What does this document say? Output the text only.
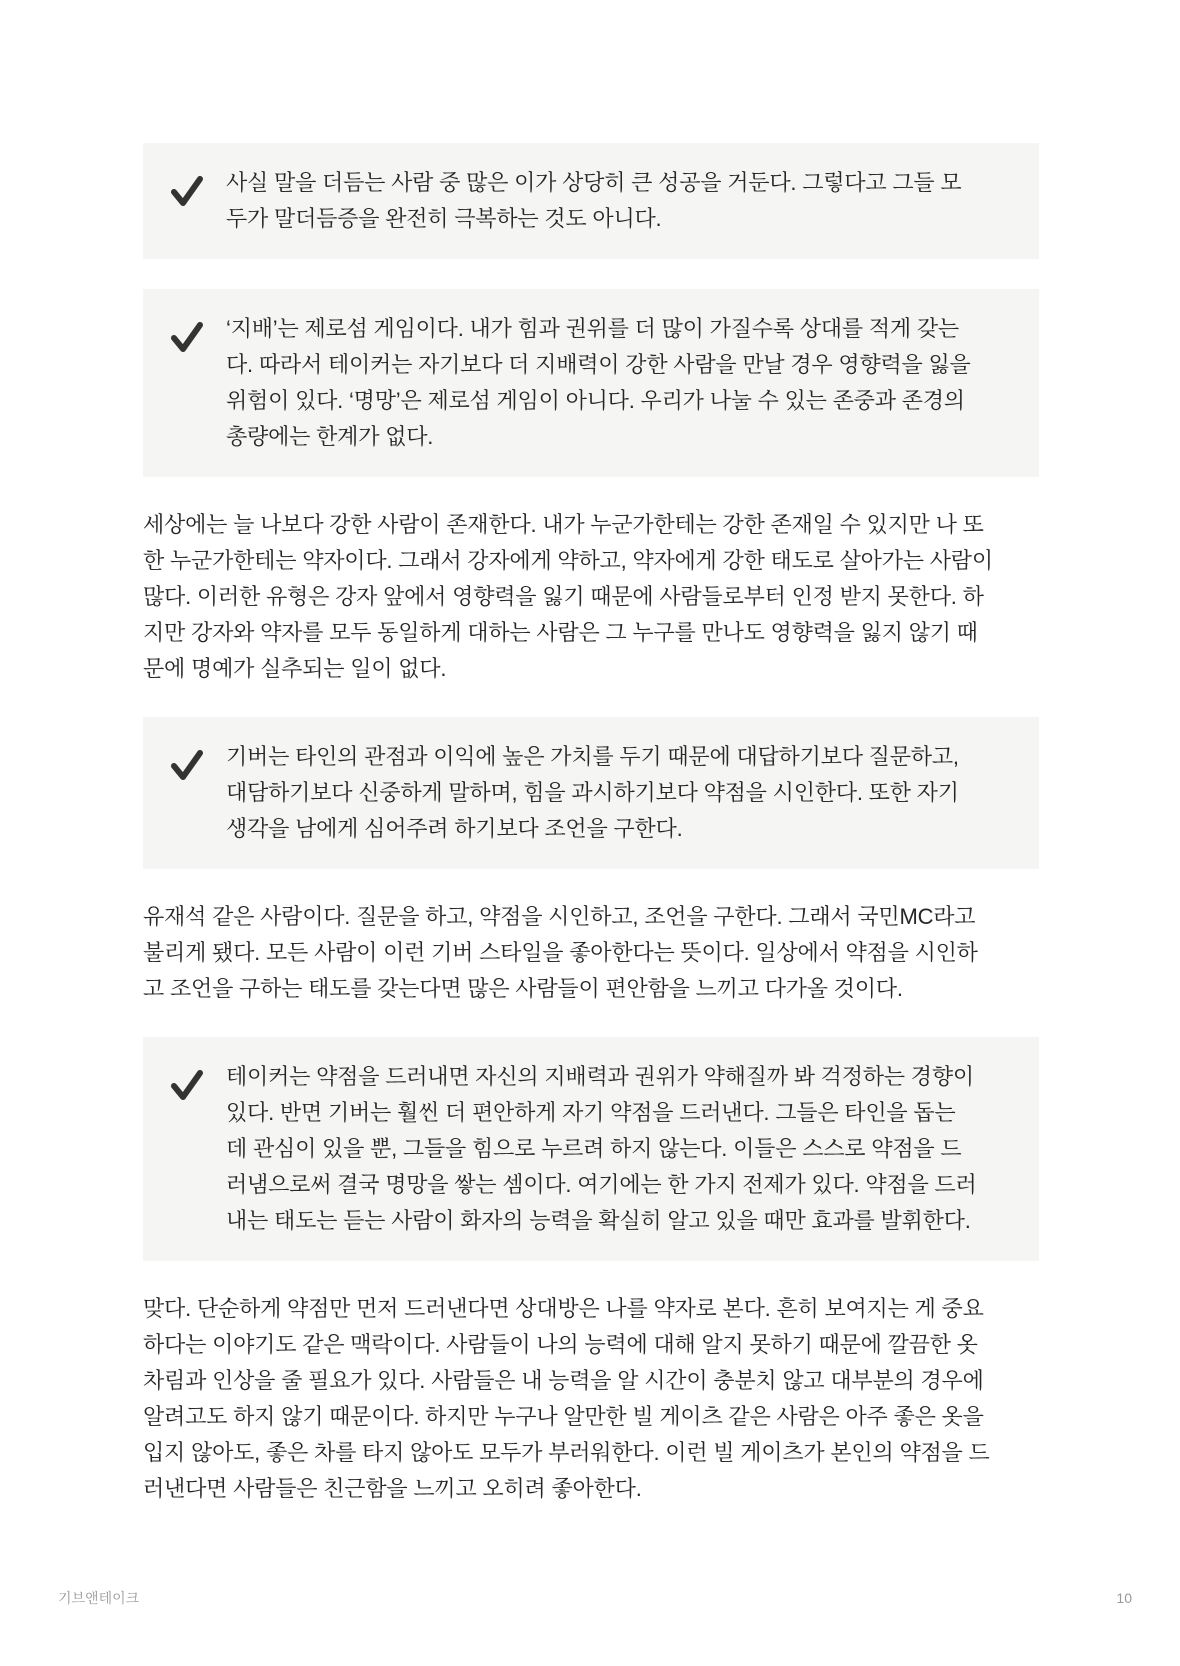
사실 말을 더듬는 사람 중 많은 이가 상당히 큰 성공을 거둔다. 그렇다고 그들 모
두가 말더듬증을 완전히 극복하는 것도 아니다.
‘지배’는 제로섬 게임이다. 내가 힘과 권위를 더 많이 가질수록 상대를 적게 갖는
다. 따라서 테이커는 자기보다 더 지배력이 강한 사람을 만날 경우 영향력을 잃을
위험이 있다. ‘명망’은 제로섬 게임이 아니다. 우리가 나눌 수 있는 존중과 존경의
총량에는 한계가 없다.
세상에는 늘 나보다 강한 사람이 존재한다. 내가 누군가한테는 강한 존재일 수 있지만 나 또
한 누군가한테는 약자이다. 그래서 강자에게 약하고, 약자에게 강한 태도로 살아가는 사람이
많다. 이러한 유형은 강자 앞에서 영향력을 잃기 때문에 사람들로부터 인정 받지 못한다. 하
지만 강자와 약자를 모두 동일하게 대하는 사람은 그 누구를 만나도 영향력을 잃지 않기 때
문에 명예가 실추되는 일이 없다.
기버는 타인의 관점과 이익에 높은 가치를 두기 때문에 대답하기보다 질문하고,
대담하기보다 신중하게 말하며, 힘을 과시하기보다 약점을 시인한다. 또한 자기
생각을 남에게 심어주려 하기보다 조언을 구한다.
유재석 같은 사람이다. 질문을 하고, 약점을 시인하고, 조언을 구한다. 그래서 국민MC라고
불리게 됐다. 모든 사람이 이런 기버 스타일을 좋아한다는 뜻이다. 일상에서 약점을 시인하
고 조언을 구하는 태도를 갖는다면 많은 사람들이 편안함을 느끼고 다가올 것이다.
테이커는 약점을 드러내면 자신의 지배력과 권위가 약해질까 봐 걱정하는 경향이
있다. 반면 기버는 훨씬 더 편안하게 자기 약점을 드러낸다. 그들은 타인을 돕는
데 관심이 있을 뿐, 그들을 힘으로 누르려 하지 않는다. 이들은 스스로 약점을 드
러냄으로써 결국 명망을 쌓는 셈이다. 여기에는 한 가지 전제가 있다. 약점을 드러
내는 태도는 듣는 사람이 화자의 능력을 확실히 알고 있을 때만 효과를 발휘한다.
맞다. 단순하게 약점만 먼저 드러낸다면 상대방은 나를 약자로 본다. 흔히 보여지는 게 중요
하다는 이야기도 같은 맥락이다. 사람들이 나의 능력에 대해 알지 못하기 때문에 깔끔한 옷
차림과 인상을 줄 필요가 있다. 사람들은 내 능력을 알 시간이 충분치 않고 대부분의 경우에
알려고도 하지 않기 때문이다. 하지만 누구나 알만한 빌 게이츠 같은 사람은 아주 좋은 옷을
입지 않아도, 좋은 차를 타지 않아도 모두가 부러워한다. 이런 빌 게이츠가 본인의 약점을 드
러낸다면 사람들은 친근함을 느끼고 오히려 좋아한다.
기브앤테이크	10
